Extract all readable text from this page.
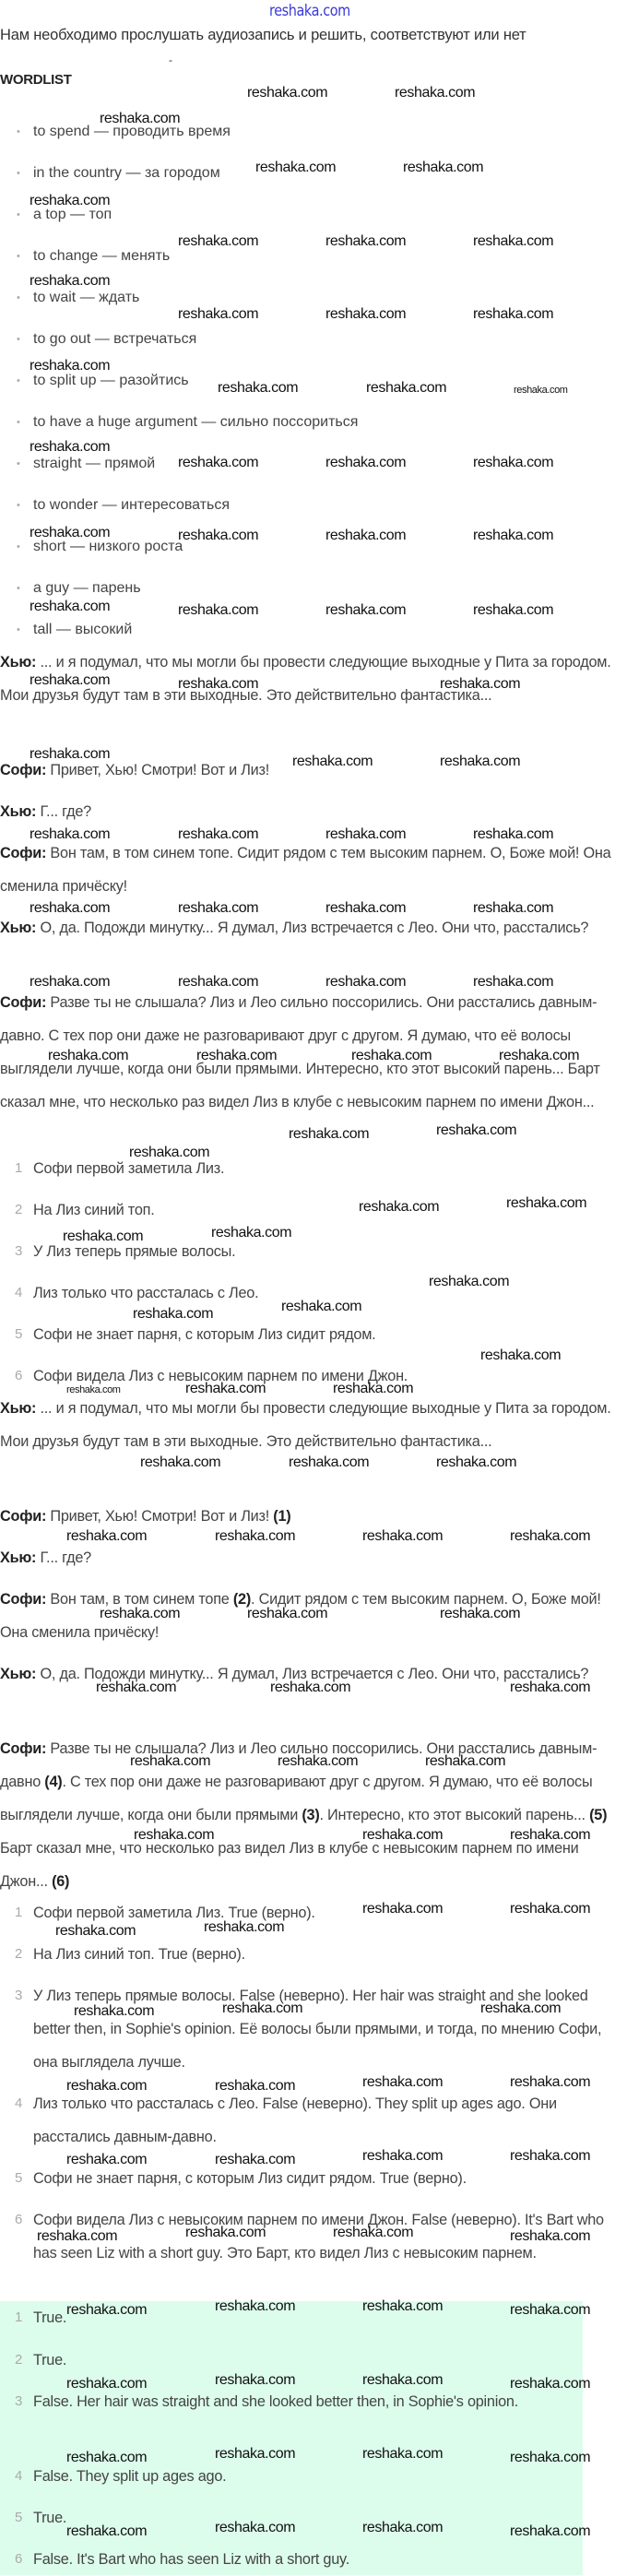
reshaka.com
Нам необходимо прослушать аудиозапись и решить, соответствуют или нет
-
WORDLIST
• to spend — проводить время
• in the country — за городом
• a top — топ
• to change — менять
• to wait — ждать
• to go out — встречаться
• to split up — разойтись
• to have a huge argument — сильно поссориться
• straight — прямой
• to wonder — интересоваться
• short — низкого роста
• a guy — парень
• tall — высокий
Хью: ... и я подумал, что мы могли бы провести следующие выходные у Пита за городом. Мои друзья будут там в эти выходные. Это действительно фантастика...
Софи: Привет, Хью! Смотри! Вот и Лиз!
Хью: Г... где?
Софи: Вон там, в том синем топе. Сидит рядом с тем высоким парнем. О, Боже мой! Она сменила причёску!
Хью: О, да. Подожди минутку... Я думал, Лиз встречается с Лео. Они что, расстались?
Софи: Разве ты не слышала? Лиз и Лео сильно поссорились. Они расстались давным-давно. С тех пор они даже не разговаривают друг с другом. Я думаю, что её волосы выглядели лучше, когда они были прямыми. Интересно, кто этот высокий парень... Барт сказал мне, что несколько раз видел Лиз в клубе с невысоким парнем по имени Джон...
Хью: ... и я подумал, что мы могли бы провести следующие выходные у Пита за городом. Мои друзья будут там в эти выходные. Это действительно фантастика...
Софи: Привет, Хью! Смотри! Вот и Лиз! (1)
Хью: Г... где?
Софи: Вон там, в том синем топе (2). Сидит рядом с тем высоким парнем. О, Боже мой! Она сменила причёску!
Хью: О, да. Подожди минутку... Я думал, Лиз встречается с Лео. Они что, расстались?
Софи: Разве ты не слышала? Лиз и Лео сильно поссорились. Они расстались давным-давно (4). С тех пор они даже не разговаривают друг с другом. Я думаю, что её волосы выглядели лучше, когда они были прямыми (3). Интересно, кто этот высокий парень... (5) Барт сказал мне, что несколько раз видел Лиз в клубе с невысоким парнем по имени Джон... (6)
1 Софи первой заметила Лиз.
2 На Лиз синий топ.
3 У Лиз теперь прямые волосы.
4 Лиз только что рассталась с Лео.
5 Софи не знает парня, с которым Лиз сидит рядом.
6 Софи видела Лиз с невысоким парнем по имени Джон.
1 Софи первой заметила Лиз. True (верно).
2 На Лиз синий топ. True (верно).
3 У Лиз теперь прямые волосы. False (неверно). Her hair was straight and she looked better then, in Sophie's opinion. Её волосы были прямыми, и тогда, по мнению Софи, она выглядела лучше.
4 Лиз только что рассталась с Лео. False (неверно). They split up ages ago. Они расстались давным-давно.
5 Софи не знает парня, с которым Лиз сидит рядом. True (верно).
6 Софи видела Лиз с невысоким парнем по имени Джон. False (неверно). It's Bart who has seen Liz with a short guy. Это Барт, кто видел Лиз с невысоким парнем.
1 True.
2 True.
3 False. Her hair was straight and she looked better then, in Sophie's opinion.
4 False. They split up ages ago.
5 True.
6 False. It's Bart who has seen Liz with a short guy.
reshaka.com	reshaka.com
reshaka.com
reshaka.com	reshaka.com
reshaka.com
reshaka.com	reshaka.com	reshaka.com
reshaka.com
reshaka.com	reshaka.com	reshaka.com
reshaka.com
reshaka.com	reshaka.com	reshaka.com
reshaka.com
reshaka.com	reshaka.com	reshaka.com
reshaka.com	reshaka.com	reshaka.com	reshaka.com
reshaka.com	reshaka.com	reshaka.com	reshaka.com
reshaka.com	reshaka.com	reshaka.com
reshaka.com	reshaka.com	reshaka.com
reshaka.com	reshaka.com	reshaka.com	reshaka.com
reshaka.com	reshaka.com	reshaka.com	reshaka.com
reshaka.com	reshaka.com	reshaka.com	reshaka.com
reshaka.com	reshaka.com	reshaka.com	reshaka.com
reshaka.com	reshaka.com
reshaka.com
reshaka.com	reshaka.com
reshaka.com	reshaka.com
reshaka.com
reshaka.com	reshaka.com
reshaka.com
reshaka.com	reshaka.com	reshaka.com
reshaka.com	reshaka.com	reshaka.com
reshaka.com	reshaka.com	reshaka.com	reshaka.com
reshaka.com	reshaka.com	reshaka.com
reshaka.com	reshaka.com	reshaka.com
reshaka.com	reshaka.com	reshaka.com
reshaka.com	reshaka.com	reshaka.com
reshaka.com	reshaka.com
reshaka.com	reshaka.com
reshaka.com	reshaka.com	reshaka.com
reshaka.com	reshaka.com	reshaka.com	reshaka.com
reshaka.com	reshaka.com	reshaka.com	reshaka.com
reshaka.com	reshaka.com	reshaka.com	reshaka.com
reshaka.com	reshaka.com	reshaka.com	reshaka.com
reshaka.com	reshaka.com	reshaka.com	reshaka.com
reshaka.com	reshaka.com	reshaka.com	reshaka.com
reshaka.com	reshaka.com	reshaka.com	reshaka.com
